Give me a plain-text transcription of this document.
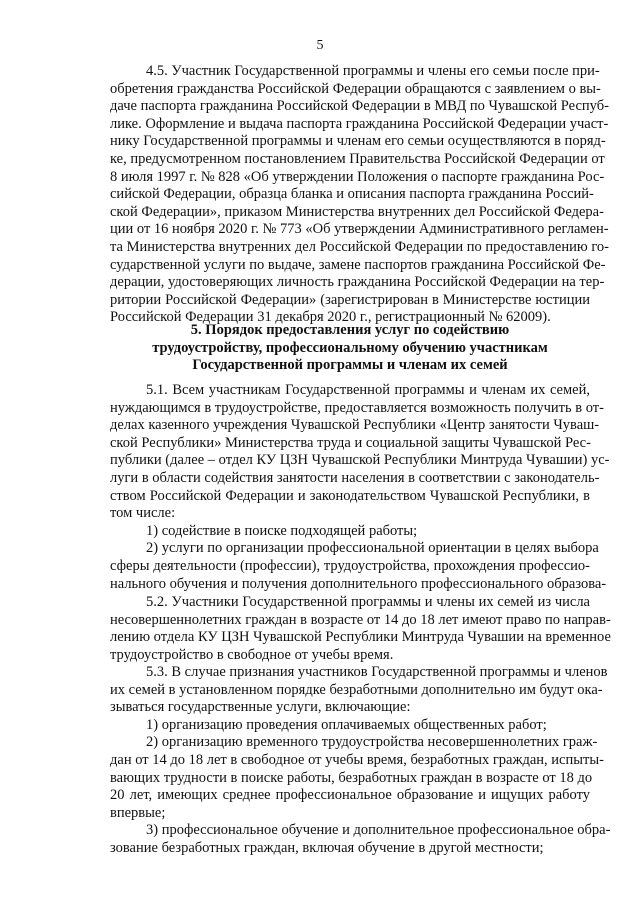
5
4.5. Участник Государственной программы и члены его семьи после при-
обретения гражданства Российской Федерации обращаются с заявлением о вы-
даче паспорта гражданина Российской Федерации в МВД по Чувашской Респуб-
лике. Оформление и выдача паспорта гражданина Российской Федерации участ-
нику Государственной программы и членам его семьи осуществляются в поряд-
ке, предусмотренном постановлением Правительства Российской Федерации от
8 июля 1997 г. № 828 «Об утверждении Положения о паспорте гражданина Рос-
сийской Федерации, образца бланка и описания паспорта гражданина Россий-
ской Федерации», приказом Министерства внутренних дел Российской Федера-
ции от 16 ноября 2020 г. № 773 «Об утверждении Административного регламен-
та Министерства внутренних дел Российской Федерации по предоставлению го-
сударственной услуги по выдаче, замене паспортов гражданина Российской Фе-
дерации, удостоверяющих личность гражданина Российской Федерации на тер-
ритории Российской Федерации» (зарегистрирован в Министерстве юстиции
Российской Федерации 31 декабря 2020 г., регистрационный № 62009).
5. Порядок предоставления услуг по содействию
трудоустройству, профессиональному обучению участникам
Государственной программы и членам их семей
5.1. Всем участникам Государственной программы и членам их семей,
нуждающимся в трудоустройстве, предоставляется возможность получить в от-
делах казенного учреждения Чувашской Республики «Центр занятости Чуваш-
ской Республики» Министерства труда и социальной защиты Чувашской Рес-
публики (далее – отдел КУ ЦЗН Чувашской Республики Минтруда Чувашии) ус-
луги в области содействия занятости населения в соответствии с законодатель-
ством Российской Федерации и законодательством Чувашской Республики, в
том числе:
1) содействие в поиске подходящей работы;
2) услуги по организации профессиональной ориентации в целях выбора
сферы деятельности (профессии), трудоустройства, прохождения профессио-
нального обучения и получения дополнительного профессионального образова-
5.2. Участники Государственной программы и члены их семей из числа
несовершеннолетних граждан в возрасте от 14 до 18 лет имеют право по направ-
лению отдела КУ ЦЗН Чувашской Республики Минтруда Чувашии на временное
трудоустройство в свободное от учебы время.
5.3. В случае признания участников Государственной программы и членов
их семей в установленном порядке безработными дополнительно им будут ока-
зываться государственные услуги, включающие:
1) организацию проведения оплачиваемых общественных работ;
2) организацию временного трудоустройства несовершеннолетних граж-
дан от 14 до 18 лет в свободное от учебы время, безработных граждан, испыты-
вающих трудности в поиске работы, безработных граждан в возрасте от 18 до
20 лет, имеющих среднее профессиональное образование и ищущих работу
впервые;
3) профессиональное обучение и дополнительное профессиональное обра-
зование безработных граждан, включая обучение в другой местности;
